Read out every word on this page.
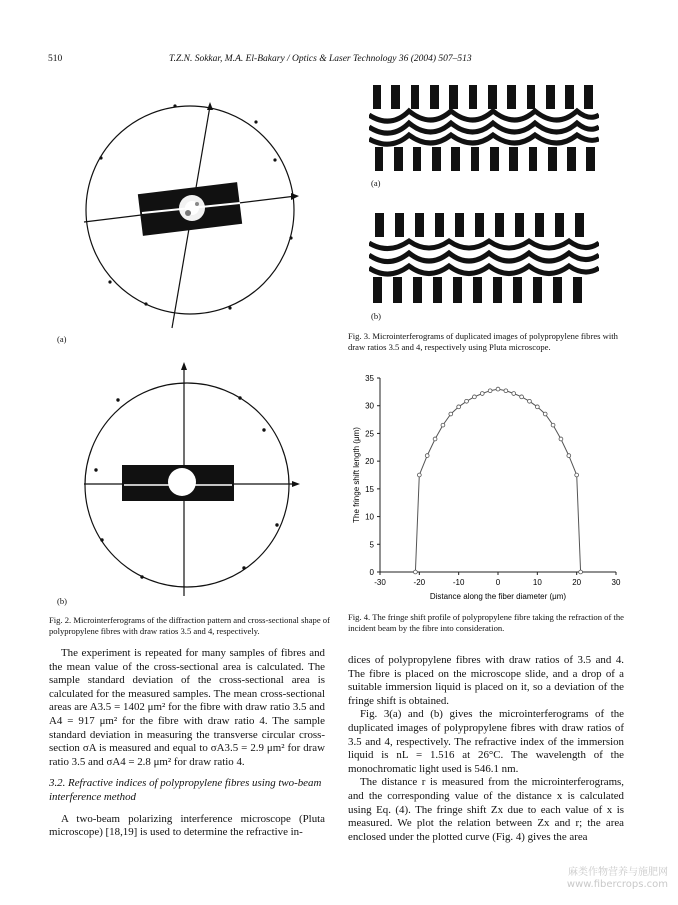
510	T.Z.N. Sokkar, M.A. El-Bakary / Optics & Laser Technology 36 (2004) 507–513
(a)
(b)
Fig. 2. Microinterferograms of the diffraction pattern and cross-sectional shape of polypropylene fibres with draw ratios 3.5 and 4, respectively.
(a)
(b)
Fig. 3. Microinterferograms of duplicated images of polypropylene fibres with draw ratios 3.5 and 4, respectively using Pluta microscope.
-30	-20	-10	0	10	20	30
0
5
10
15
20
25
30
35
Distance along the fiber diameter (μm)
The fringe shift length (μm)
Fig. 4. The fringe shift profile of polypropylene fibre taking the refraction of the incident beam by the fibre into consideration.

The experiment is repeated for many samples of fibres and the mean value of the cross-sectional area is calculated. The sample standard deviation of the cross-sectional area is calculated for the measured samples. The mean cross-sectional areas are A3.5 = 1402 μm² for the fibre with draw ratio 3.5 and A4 = 917 μm² for the fibre with draw ratio 4. The sample standard deviation in measuring the transverse circular cross-section σA is measured and equal to σA3.5 = 2.9 μm² for draw ratio 3.5 and σA4 = 2.8 μm² for draw ratio 4.

3.2. Refractive indices of polypropylene fibres using two-beam interference method

A two-beam polarizing interference microscope (Pluta microscope) [18,19] is used to determine the refractive in-

dices of polypropylene fibres with draw ratios of 3.5 and 4. The fibre is placed on the microscope slide, and a drop of a suitable immersion liquid is placed on it, so a deviation of the fringe shift is obtained.

Fig. 3(a) and (b) gives the microinterferograms of the duplicated images of polypropylene fibres with draw ratios of 3.5 and 4, respectively. The refractive index of the immersion liquid is nL = 1.516 at 26°C. The wavelength of the monochromatic light used is 546.1 nm.

The distance r is measured from the microinterferograms, and the corresponding value of the distance x is calculated using Eq. (4). The fringe shift Zx due to each value of x is measured. We plot the relation between Zx and r; the area enclosed under the plotted curve (Fig. 4) gives the area

麻类作物营养与施肥网
www.fibercrops.com
